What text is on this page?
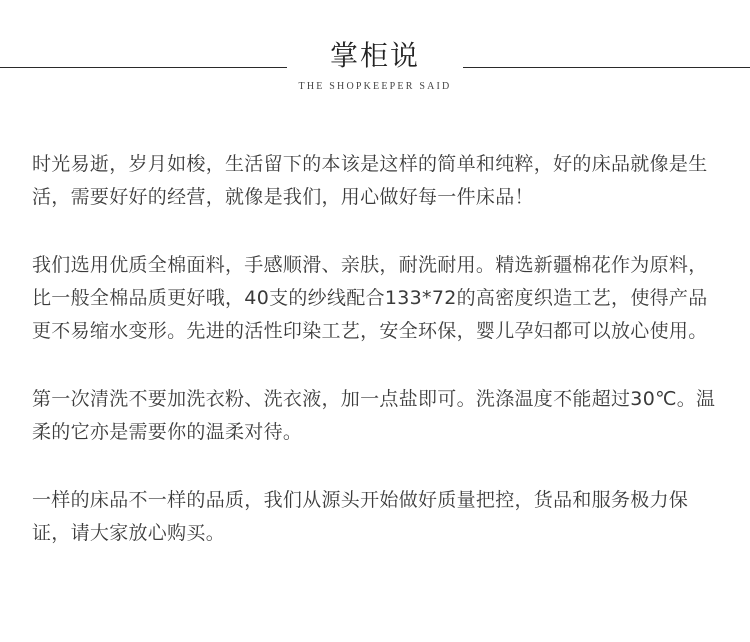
掌柜说
THE SHOPKEEPER SAID

时光易逝，岁月如梭，生活留下的本该是这样的简单和纯粹，好的床品就像是生活，需要好好的经营，就像是我们，用心做好每一件床品！

我们选用优质全棉面料，手感顺滑、亲肤，耐洗耐用。精选新疆棉花作为原料，比一般全棉品质更好哦，40支的纱线配合133*72的高密度织造工艺，使得产品更不易缩水变形。先进的活性印染工艺，安全环保，婴儿孕妇都可以放心使用。

第一次清洗不要加洗衣粉、洗衣液，加一点盐即可。洗涤温度不能超过30℃。温柔的它亦是需要你的温柔对待。

一样的床品不一样的品质，我们从源头开始做好质量把控，货品和服务极力保证，请大家放心购买。
